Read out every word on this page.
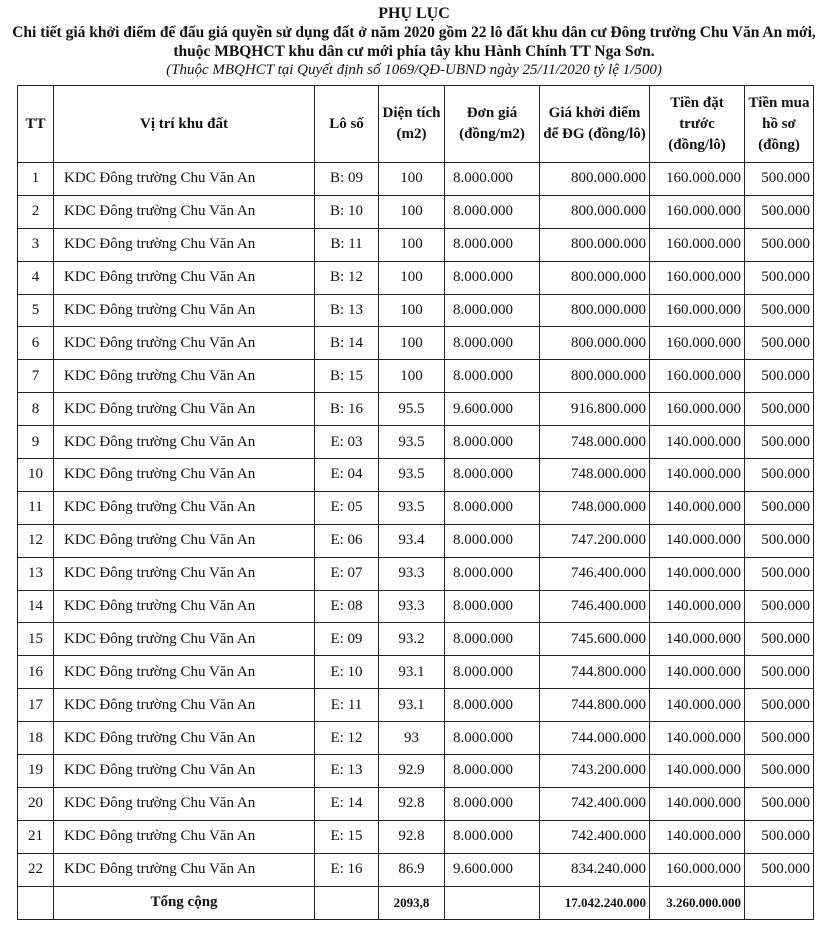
PHỤ LỤC

Chi tiết giá khởi điểm để đấu giá quyền sử dụng đất ở năm 2020 gồm 22 lô đất khu dân cư Đông trường Chu Văn An mới, thuộc MBQHCT khu dân cư mới phía tây khu Hành Chính TT Nga Sơn.

(Thuộc MBQHCT tại Quyết định số 1069/QĐ-UBND ngày 25/11/2020 tỷ lệ 1/500)

TT	Vị trí khu đất	Lô số	Diện tích (m2)	Đơn giá (đồng/m2)	Giá khởi điểm để ĐG (đồng/lô)	Tiền đặt trước (đồng/lô)	Tiền mua hồ sơ (đồng)
1	KDC Đông trường Chu Văn An	B: 09	100	8.000.000	800.000.000	160.000.000	500.000
2	KDC Đông trường Chu Văn An	B: 10	100	8.000.000	800.000.000	160.000.000	500.000
3	KDC Đông trường Chu Văn An	B: 11	100	8.000.000	800.000.000	160.000.000	500.000
4	KDC Đông trường Chu Văn An	B: 12	100	8.000.000	800.000.000	160.000.000	500.000
5	KDC Đông trường Chu Văn An	B: 13	100	8.000.000	800.000.000	160.000.000	500.000
6	KDC Đông trường Chu Văn An	B: 14	100	8.000.000	800.000.000	160.000.000	500.000
7	KDC Đông trường Chu Văn An	B: 15	100	8.000.000	800.000.000	160.000.000	500.000
8	KDC Đông trường Chu Văn An	B: 16	95.5	9.600.000	916.800.000	160.000.000	500.000
9	KDC Đông trường Chu Văn An	E: 03	93.5	8.000.000	748.000.000	140.000.000	500.000
10	KDC Đông trường Chu Văn An	E: 04	93.5	8.000.000	748.000.000	140.000.000	500.000
11	KDC Đông trường Chu Văn An	E: 05	93.5	8.000.000	748.000.000	140.000.000	500.000
12	KDC Đông trường Chu Văn An	E: 06	93.4	8.000.000	747.200.000	140.000.000	500.000
13	KDC Đông trường Chu Văn An	E: 07	93.3	8.000.000	746.400.000	140.000.000	500.000
14	KDC Đông trường Chu Văn An	E: 08	93.3	8.000.000	746.400.000	140.000.000	500.000
15	KDC Đông trường Chu Văn An	E: 09	93.2	8.000.000	745.600.000	140.000.000	500.000
16	KDC Đông trường Chu Văn An	E: 10	93.1	8.000.000	744.800.000	140.000.000	500.000
17	KDC Đông trường Chu Văn An	E: 11	93.1	8.000.000	744.800.000	140.000.000	500.000
18	KDC Đông trường Chu Văn An	E: 12	93	8.000.000	744.000.000	140.000.000	500.000
19	KDC Đông trường Chu Văn An	E: 13	92.9	8.000.000	743.200.000	140.000.000	500.000
20	KDC Đông trường Chu Văn An	E: 14	92.8	8.000.000	742.400.000	140.000.000	500.000
21	KDC Đông trường Chu Văn An	E: 15	92.8	8.000.000	742.400.000	140.000.000	500.000
22	KDC Đông trường Chu Văn An	E: 16	86.9	9.600.000	834.240.000	160.000.000	500.000
	Tổng cộng		2093,8		17.042.240.000	3.260.000.000	
